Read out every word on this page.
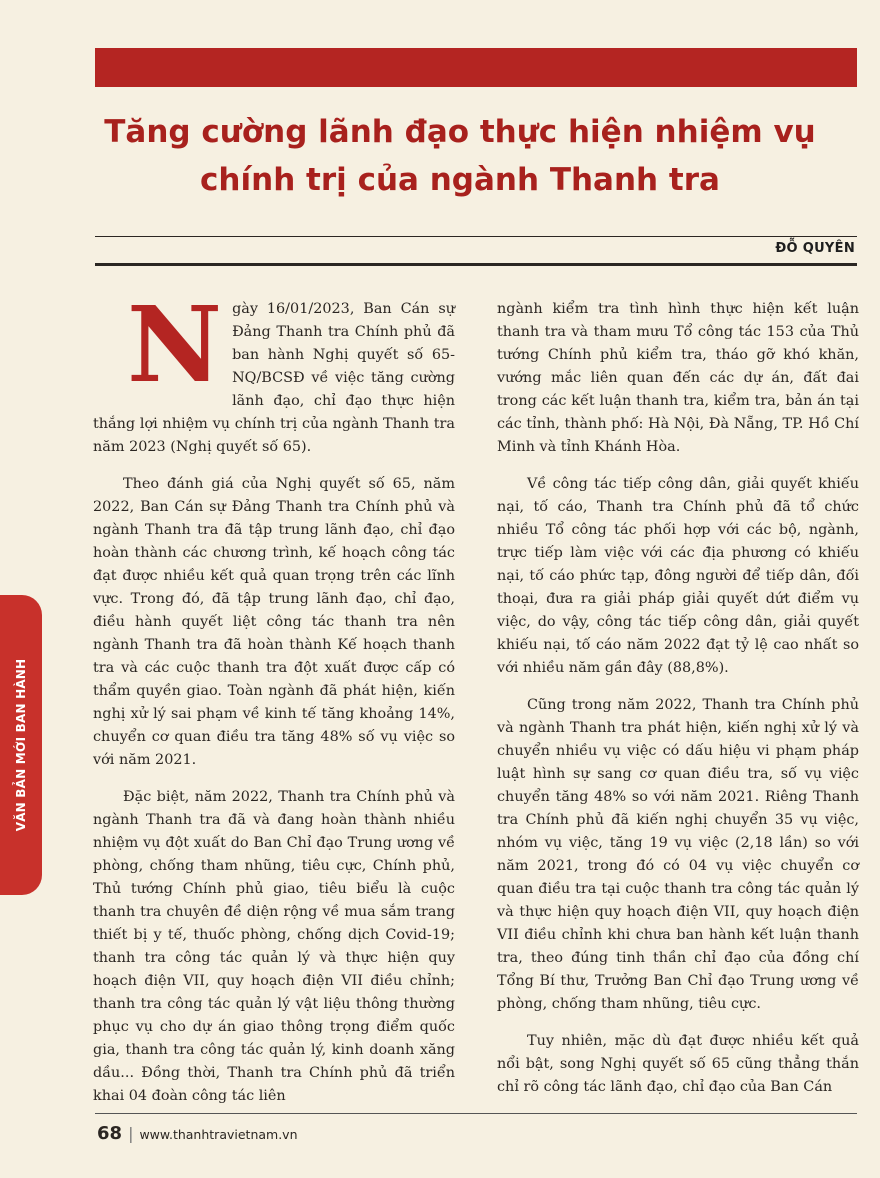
Tăng cường lãnh đạo thực hiện nhiệm vụ
chính trị của ngành Thanh tra
ĐỖ QUYÊN
VĂN BẢN MỚI BAN HÀNH

Ngày 16/01/2023, Ban Cán sự Đảng Thanh tra Chính phủ đã ban hành Nghị quyết số 65-NQ/BCSĐ về việc tăng cường lãnh đạo, chỉ đạo thực hiện thắng lợi nhiệm vụ chính trị của ngành Thanh tra năm 2023 (Nghị quyết số 65).

Theo đánh giá của Nghị quyết số 65, năm 2022, Ban Cán sự Đảng Thanh tra Chính phủ và ngành Thanh tra đã tập trung lãnh đạo, chỉ đạo hoàn thành các chương trình, kế hoạch công tác đạt được nhiều kết quả quan trọng trên các lĩnh vực. Trong đó, đã tập trung lãnh đạo, chỉ đạo, điều hành quyết liệt công tác thanh tra nên ngành Thanh tra đã hoàn thành Kế hoạch thanh tra và các cuộc thanh tra đột xuất được cấp có thẩm quyền giao. Toàn ngành đã phát hiện, kiến nghị xử lý sai phạm về kinh tế tăng khoảng 14%, chuyển cơ quan điều tra tăng 48% số vụ việc so với năm 2021.

Đặc biệt, năm 2022, Thanh tra Chính phủ và ngành Thanh tra đã và đang hoàn thành nhiều nhiệm vụ đột xuất do Ban Chỉ đạo Trung ương về phòng, chống tham nhũng, tiêu cực, Chính phủ, Thủ tướng Chính phủ giao, tiêu biểu là cuộc thanh tra chuyên đề diện rộng về mua sắm trang thiết bị y tế, thuốc phòng, chống dịch Covid-19; thanh tra công tác quản lý và thực hiện quy hoạch điện VII, quy hoạch điện VII điều chỉnh; thanh tra công tác quản lý vật liệu thông thường phục vụ cho dự án giao thông trọng điểm quốc gia, thanh tra công tác quản lý, kinh doanh xăng dầu... Đồng thời, Thanh tra Chính phủ đã triển khai 04 đoàn công tác liên

ngành kiểm tra tình hình thực hiện kết luận thanh tra và tham mưu Tổ công tác 153 của Thủ tướng Chính phủ kiểm tra, tháo gỡ khó khăn, vướng mắc liên quan đến các dự án, đất đai trong các kết luận thanh tra, kiểm tra, bản án tại các tỉnh, thành phố: Hà Nội, Đà Nẵng, TP. Hồ Chí Minh và tỉnh Khánh Hòa.

Về công tác tiếp công dân, giải quyết khiếu nại, tố cáo, Thanh tra Chính phủ đã tổ chức nhiều Tổ công tác phối hợp với các bộ, ngành, trực tiếp làm việc với các địa phương có khiếu nại, tố cáo phức tạp, đông người để tiếp dân, đối thoại, đưa ra giải pháp giải quyết dứt điểm vụ việc, do vậy, công tác tiếp công dân, giải quyết khiếu nại, tố cáo năm 2022 đạt tỷ lệ cao nhất so với nhiều năm gần đây (88,8%).

Cũng trong năm 2022, Thanh tra Chính phủ và ngành Thanh tra phát hiện, kiến nghị xử lý và chuyển nhiều vụ việc có dấu hiệu vi phạm pháp luật hình sự sang cơ quan điều tra, số vụ việc chuyển tăng 48% so với năm 2021. Riêng Thanh tra Chính phủ đã kiến nghị chuyển 35 vụ việc, nhóm vụ việc, tăng 19 vụ việc (2,18 lần) so với năm 2021, trong đó có 04 vụ việc chuyển cơ quan điều tra tại cuộc thanh tra công tác quản lý và thực hiện quy hoạch điện VII, quy hoạch điện VII điều chỉnh khi chưa ban hành kết luận thanh tra, theo đúng tinh thần chỉ đạo của đồng chí Tổng Bí thư, Trưởng Ban Chỉ đạo Trung ương về phòng, chống tham nhũng, tiêu cực.

Tuy nhiên, mặc dù đạt được nhiều kết quả nổi bật, song Nghị quyết số 65 cũng thẳng thắn chỉ rõ công tác lãnh đạo, chỉ đạo của Ban Cán

68 | www.thanhtravietnam.vn
